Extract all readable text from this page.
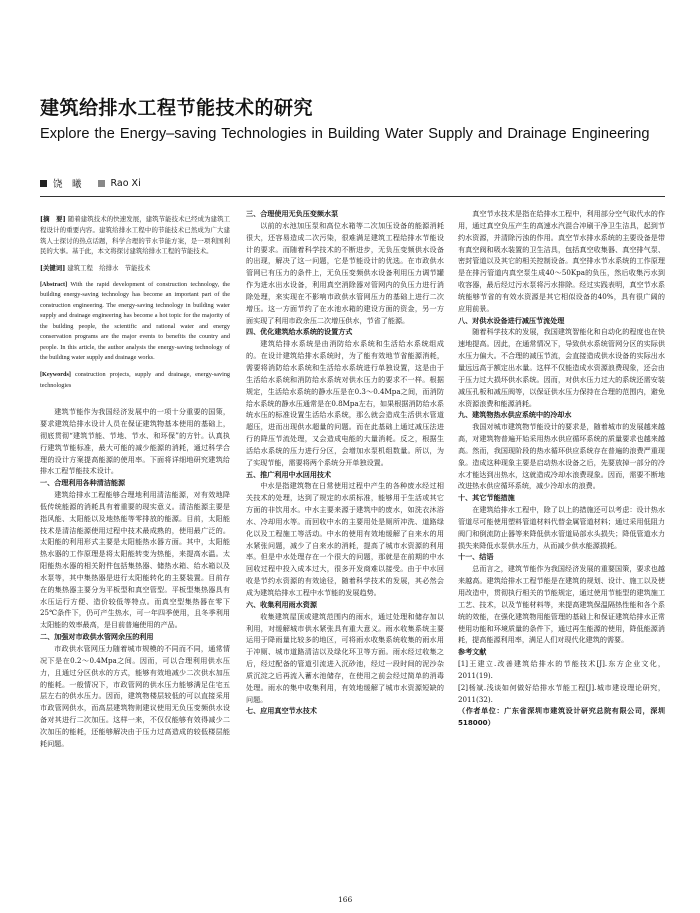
建筑给排水工程节能技术的研究
Explore the Energy–saving Technologies in Building Water Supply and Drainage Engineering
饶　曦	Rao Xi

[摘　要] 随着建筑技术的快速发展，建筑节能技术已经成为建筑工程设计的重要内容。建筑给排水工程中的节能技术已然成为广大建筑人士探讨的热点话题，科学合理的节水节能方案，是一项利国利民的大事。基于此，本文将探讨建筑给排水工程的节能技术。

[关键词] 建筑工程　给排水　节能技术

[Abstract] With the rapid development of construction technology, the building energy-saving technology has become an important part of the construction engineering. The energy-saving technology in building water supply and drainage engineering has become a hot topic for the majority of the building people, the scientific and rational water and energy conservation programs are the major events to benefits the country and people. In this article, the author analysis the energy-saving technology of the building water supply and drainage works.

[Keywords] construction projects, supply and drainage, energy-saving technologies

建筑节能作为我国经济发展中的一项十分重要的国策，要求建筑给排水设计人员在保证建筑物基本使用的基础上，彻底贯彻“建筑节能、节地、节水、和环保”的方针。认真执行建筑节能标准，最大可能的减少能源的消耗，通过科学合理的设计方案提高能源的使用率。下面将详细地研究建筑给排水工程节能技术设计。

一、合理利用各种清洁能源

建筑给排水工程能够合理地利用清洁能源，对有效地降低传统能源的消耗具有着重要的现实意义。清洁能源主要是指风能、太阳能以及地热能等零排放的能源。目前，太阳能技术是清洁能源使用过程中技术最成熟的，使用最广泛的。太阳能的利用形式主要是太阳能热水器方面。其中，太阳能热水器的工作原理是将太阳能转变为热能，来提高水温。太阳能热水器的相关附件包括集热器、储热水箱、给水箱以及水泵等，其中集热器是进行太阳能转化的主要装置。目前存在的集热器主要分为平板型和真空管型。平板型集热器具有水压运行方便、造价较低等特点。而真空型集热器在零下25℃条件下，仍可产生热水，可一年四季使用，且冬季利用太阳能的效率最高，是目前普遍使用的产品。

二、加强对市政供水管网余压的利用

市政供水管网压力随着城市规模的不同而不同，通常情况下是在0.2～0.4Mpa之间。因而，可以合理利用供水压力，且通过分区供水的方式，能够有效地减少二次供水加压的能耗。一般情况下，市政管网的供水压力能够满足住宅五层左右的供水压力。因而，建筑物楼层较低的可以直接采用市政管网供水，而高层建筑物则建议使用无负压变频供水设备对其进行二次加压。这样一来，不仅仅能够有效得减少二次加压的能耗，还能够解决由于压力过高造成的较低楼层能耗问题。

三、合理使用无负压变频水泵

以前的水池加压泵和高位水箱等二次加压设备的能源消耗很大，还容易造成二次污染，很难满足建筑工程给排水节能设计的要求。而随着科学技术的不断进步，无负压变频供水设备的出现，解决了这一问题，它是节能设计的优选。在市政供水管网已有压力的条件上，无负压变频供水设备利用压力调节罐作为进水出水设备，利用真空消除器对管网内的负压力进行消除处理，来实现在不影响市政供水管网压力的基础上进行二次增压。这一方面节约了在水池水箱的建设方面的资金，另一方面实现了利用市政余压二次增压供水，节省了能源。

四、优化建筑给水系统的设置方式

建筑给排水系统是由消防给水系统和生活给水系统组成的。在设计建筑给排水系统时，为了能有效地节省能源消耗，需要将消防给水系统和生活给水系统进行单独设置，这是由于生活给水系统和消防给水系统对供水压力的要求不一样。根据规定，生活给水系统的静水压是在0.3～0.4Mpa之间，而消防给水系统的静水压通常是在0.8Mpa左右，如果根据消防给水系统水压的标准设置生活给水系统，那么就会造成生活供水管道超压，进而出现供水超量的问题。而在此基础上通过减压法进行的降压节流处理，又会造成电能的大量消耗。反之，根据生活给水系统的压力进行分区，会增加水泵机组数量。所以，为了实现节能，需要将两个系统分开单独设置。

五、推广利用中水回用技术

中水是指建筑物在日常使用过程中产生的各种废水经过相关技术的处理，达到了规定的水质标准，能够用于生活或其它方面的非饮用水。中水主要来源于建筑中的废水，如洗衣沐浴水、冷却用水等。而回收中水的主要用处是厕所冲洗、道路绿化以及工程施工等活动。中水的使用有效地缓解了自来水的用水紧张问题，减少了自来水的消耗，提高了城市水资源的利用率。但是中水处理存在一个很大的问题，那就是在前期的中水回收过程中投入成本过大，很多开发商难以接受。由于中水回收是节约水资源的有效途径，随着科学技术的发展，其必然会成为建筑给排水工程中水节能的发展趋势。

六、收集利用雨水资源

收集建筑屋顶或建筑范围内的雨水，通过处理和储存加以利用，对缓解城市供水紧张具有重大意义。雨水收集系统主要运用于降雨量比较多的地区，可将雨水收集系统收集的雨水用于冲厕、城市道路清洁以及绿化环卫等方面。雨水经过收集之后，经过配备的管道引流进入沉砂池，经过一段时间的泥沙杂质沉淀之后再流入蓄水池储存，在使用之前会经过简单的消毒处理。雨水的集中收集利用，有效地缓解了城市水资源短缺的问题。

七、应用真空节水技术

真空节水技术是指在给排水工程中，利用部分空气取代水的作用，通过真空负压产生的高速水汽混合冲刷干净卫生洁具，起到节约水资源，并清除污浊的作用。真空节水排水系统的主要设备是带有真空阀和吸水装置的卫生洁具，包括真空收集器、真空排气泵、密封管道以及其它的相关控制设备。真空排水节水系统的工作原理是在排污管道内真空泵生成40～50Kpa的负压，然后收集污水到收容器，最后经过污水泵将污水排除。经过实践表明，真空节水系统能够节省的有效水资源是其它相似设备的40%，具有很广阔的应用前景。

八、对供水设备进行减压节流处理

随着科学技术的发展，我国建筑智能化和自动化的程度也在快速地提高。因此，在通常情况下，导致供水系统管网分区的实际供水压力偏大。不合理的减压节流，会直接造成供水设备的实际出水量远远高于额定出水量。这样不仅能造成水资源浪费现象，还会由于压力过大损坏供水系统。因而，对供水压力过大的系统还需安装减压孔板和减压阀等，以保证供水压力保持在合理的范围内，避免水资源浪费和能源消耗。

九、建筑物热水供应系统中的冷却水

我国对城市建筑物节能设计的要求是，随着城市的发展越来越高，对建筑物普遍开始采用热水供应循环系统的质量要求也越来越高。然而，我国现阶段的热水循环供应系统存在普遍的浪费严重现象。造成这种现象主要是启动热水设备之后，先要放掉一部分的冷水才能达到出热水，这就造成冷却水浪费现象。因而，需要不断地改进热水供应循环系统，减少冷却水的浪费。

十、其它节能措施

在建筑给排水工程中，除了以上的措施还可以考虑：设计热水管道尽可能使用塑料管道材料代替金属管道材料；通过采用低阻力阀门和倒流防止器等来降低供水管道局部水头损失；降低管道水力损失来降低水泵供水压力，从而减少供水能源损耗。

十一、结语

总而言之，建筑节能作为我国经济发展的重要国策，要求也越来越高。建筑给排水工程节能是在建筑的规划、设计、施工以及使用改造中，贯彻执行相关的节能规定，通过使用节能型的建筑施工工艺、技术，以及节能材料等，来提高建筑保温隔热性能和各个系统的效能，在强化建筑物用能管理的基础上和保证建筑给排水正常使用功能和环境质量的条件下，通过再生能源的使用，降低能源消耗，提高能源利用率，满足人们对现代化建筑的需要。

参考文献

[1]王建立.改善建筑给排水的节能技术[J].东方企业文化，2011(19).

[2]杨斌.浅谈如何做好给排水节能工程[J].城市建设理论研究，2011(32).

（作者单位：广东省深圳市建筑设计研究总院有限公司，深圳　518000）

166
